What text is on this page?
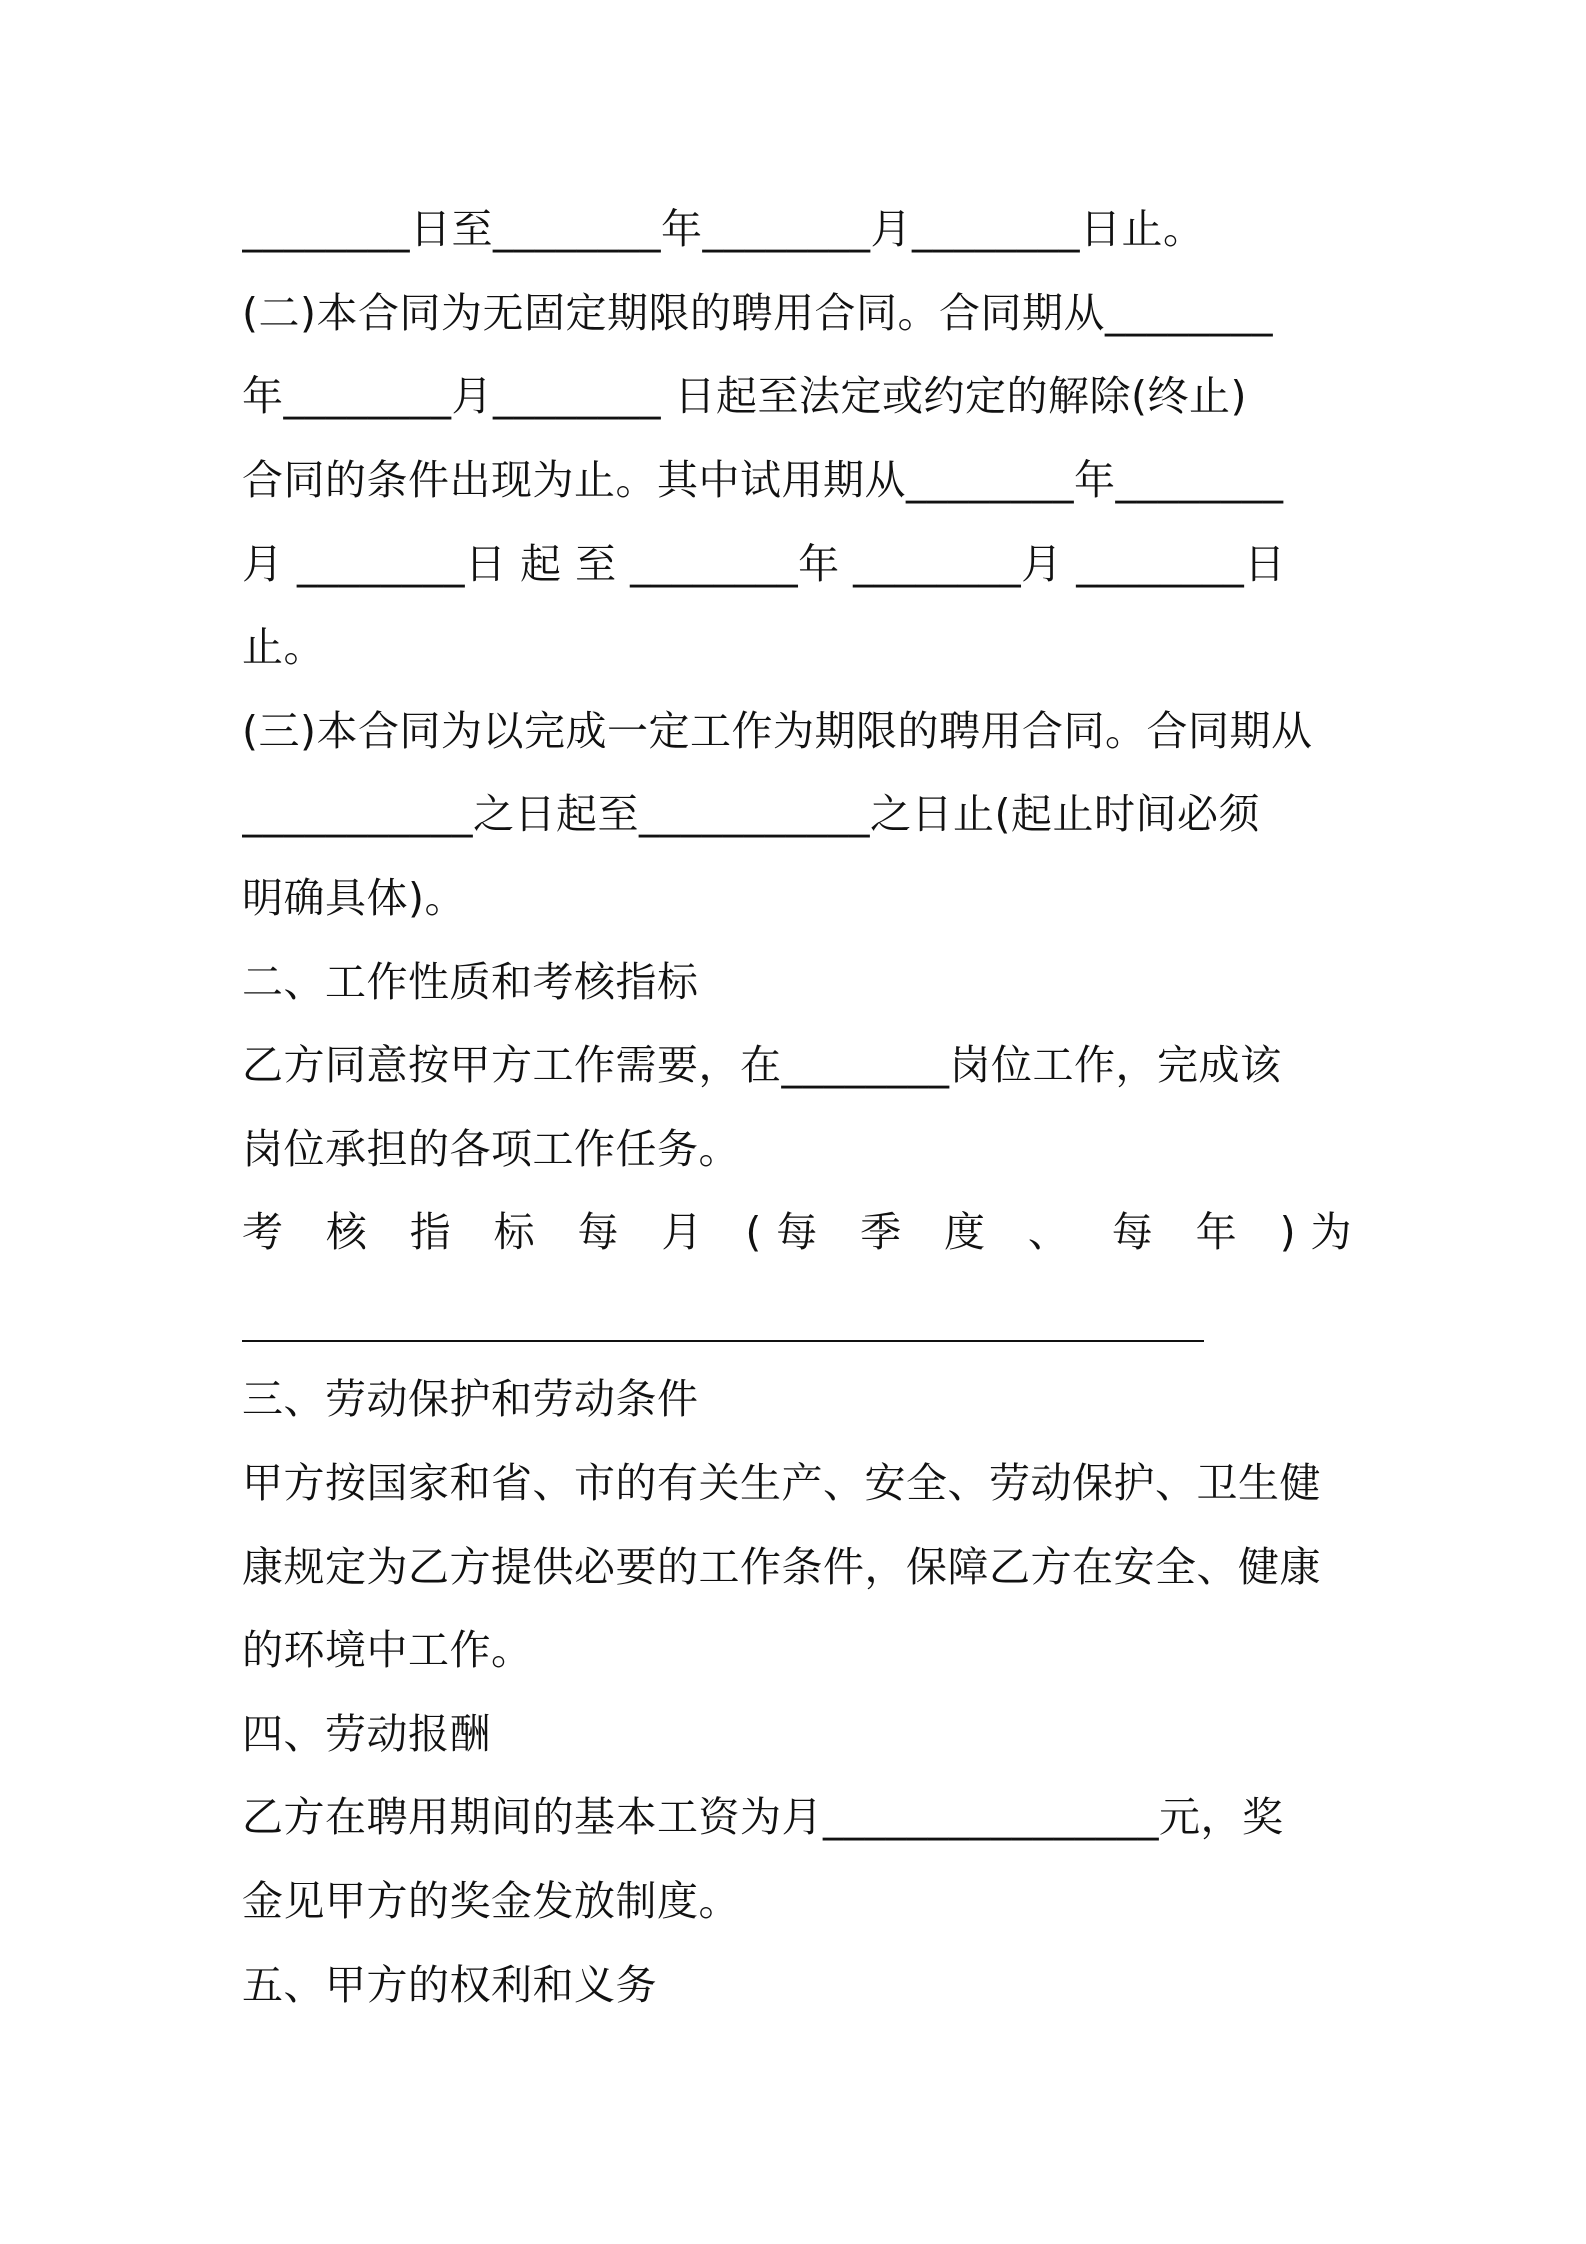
________日至________年________月________日止。
(二)本合同为无固定期限的聘用合同。合同期从________
年________月________ 日起至法定或约定的解除(终止)
合同的条件出现为止。其中试用期从________年________
月 ________日 起 至 ________年 ________月 ________日
止。
(三)本合同为以完成一定工作为期限的聘用合同。合同期从
___________之日起至___________之日止(起止时间必须
明确具体)。
二、工作性质和考核指标
乙方同意按甲方工作需要，在________岗位工作，完成该
岗位承担的各项工作任务。
考 核 指 标 每 月 (每 季 度 、 每 年 )为
三、劳动保护和劳动条件
甲方按国家和省、市的有关生产、安全、劳动保护、卫生健
康规定为乙方提供必要的工作条件，保障乙方在安全、健康
的环境中工作。
四、劳动报酬
乙方在聘用期间的基本工资为月________________元，奖
金见甲方的奖金发放制度。
五、甲方的权利和义务
